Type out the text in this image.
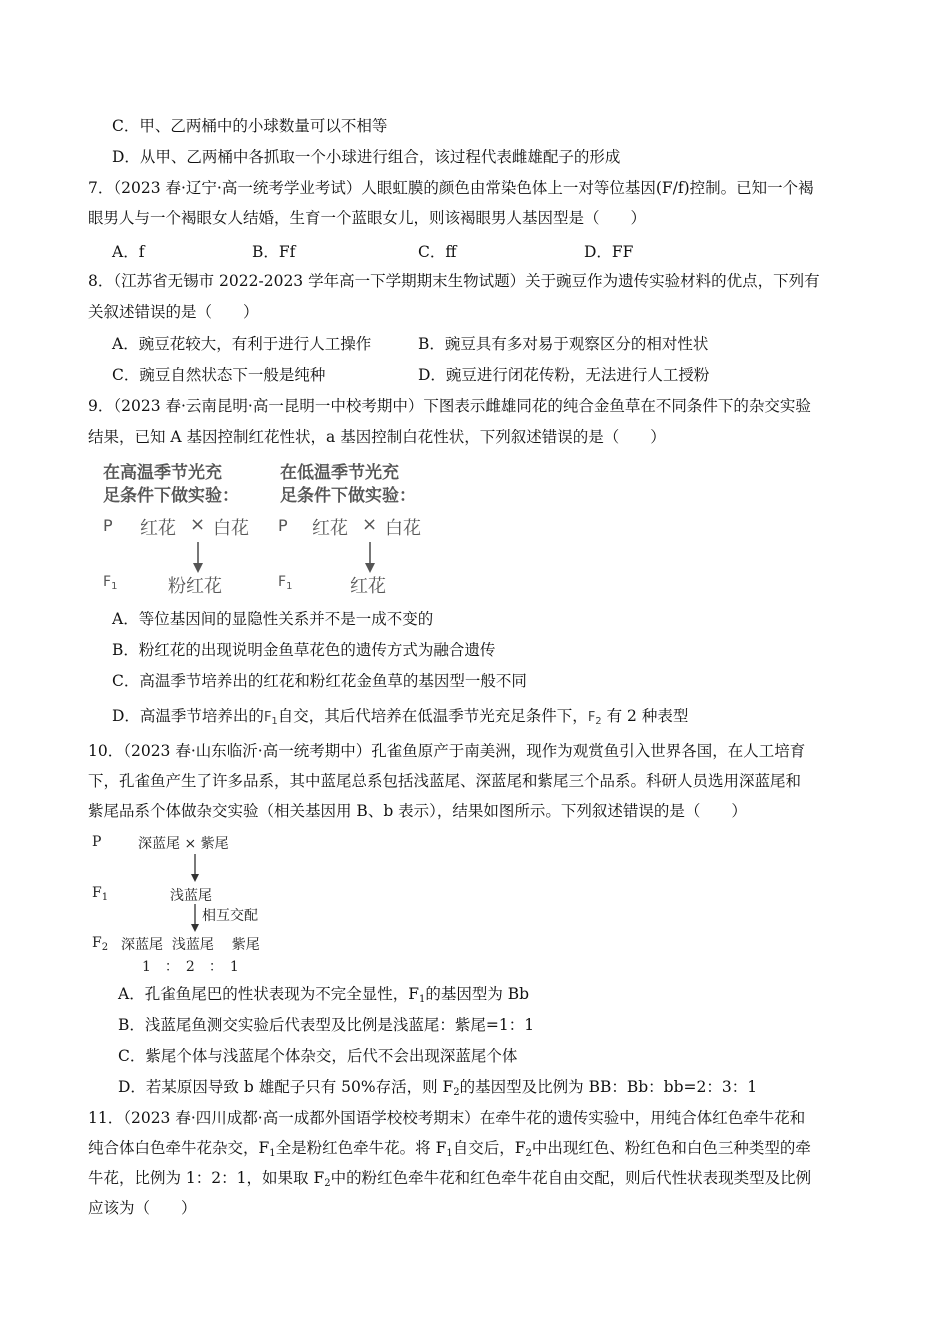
C．甲、乙两桶中的小球数量可以不相等
D．从甲、乙两桶中各抓取一个小球进行组合，该过程代表雌雄配子的形成
7．（2023 春·辽宁·高一统考学业考试）人眼虹膜的颜色由常染色体上一对等位基因(F/f)控制。已知一个褐
眼男人与一个褐眼女人结婚，生育一个蓝眼女儿，则该褐眼男人基因型是（　　）
A．f	B．Ff	C．ff	D．FF
8．（江苏省无锡市 2022-2023 学年高一下学期期末生物试题）关于豌豆作为遗传实验材料的优点，下列有
关叙述错误的是（　　）
A．豌豆花较大，有利于进行人工操作	B．豌豆具有多对易于观察区分的相对性状
C．豌豆自然状态下一般是纯种	D．豌豆进行闭花传粉，无法进行人工授粉
9．（2023 春·云南昆明·高一昆明一中校考期中）下图表示雌雄同花的纯合金鱼草在不同条件下的杂交实验
结果，已知 A 基因控制红花性状，a 基因控制白花性状，下列叙述错误的是（　　）
在高温季节光充
足条件下做实验：
在低温季节光充
足条件下做实验：
P 红花 × 白花 P 红花 × 白花
$F_1$	粉红花	$F_1$	红花
A．等位基因间的显隐性关系并不是一成不变的
B．粉红花的出现说明金鱼草花色的遗传方式为融合遗传
C．高温季节培养出的红花和粉红花金鱼草的基因型一般不同
D．高温季节培养出的$F_1$自交，其后代培养在低温季节光充足条件下，$F_2$ 有 2 种表型
10．（2023 春·山东临沂·高一统考期中）孔雀鱼原产于南美洲，现作为观赏鱼引入世界各国，在人工培育
下，孔雀鱼产生了许多品系，其中蓝尾总系包括浅蓝尾、深蓝尾和紫尾三个品系。科研人员选用深蓝尾和
紫尾品系个体做杂交实验（相关基因用 B、b 表示），结果如图所示。下列叙述错误的是（　　）
P	深蓝尾 × 紫尾
$F_1$	浅蓝尾
相互交配
$F_2$ 深蓝尾  浅蓝尾    紫尾
1　：　2　：　1
A．孔雀鱼尾巴的性状表现为不完全显性，$F_1$的基因型为 Bb
B．浅蓝尾鱼测交实验后代表型及比例是浅蓝尾：紫尾=1：1
C．紫尾个体与浅蓝尾个体杂交，后代不会出现深蓝尾个体
D．若某原因导致 b 雄配子只有 50%存活，则 $F_2$的基因型及比例为 BB：Bb：bb=2：3：1
11．（2023 春·四川成都·高一成都外国语学校校考期末）在牵牛花的遗传实验中，用纯合体红色牵牛花和
纯合体白色牵牛花杂交，$F_1$全是粉红色牵牛花。将 $F_1$自交后，$F_2$中出现红色、粉红色和白色三种类型的牵
牛花，比例为 1：2：1，如果取 $F_2$中的粉红色牵牛花和红色牵牛花自由交配，则后代性状表现类型及比例
应该为（　　）
